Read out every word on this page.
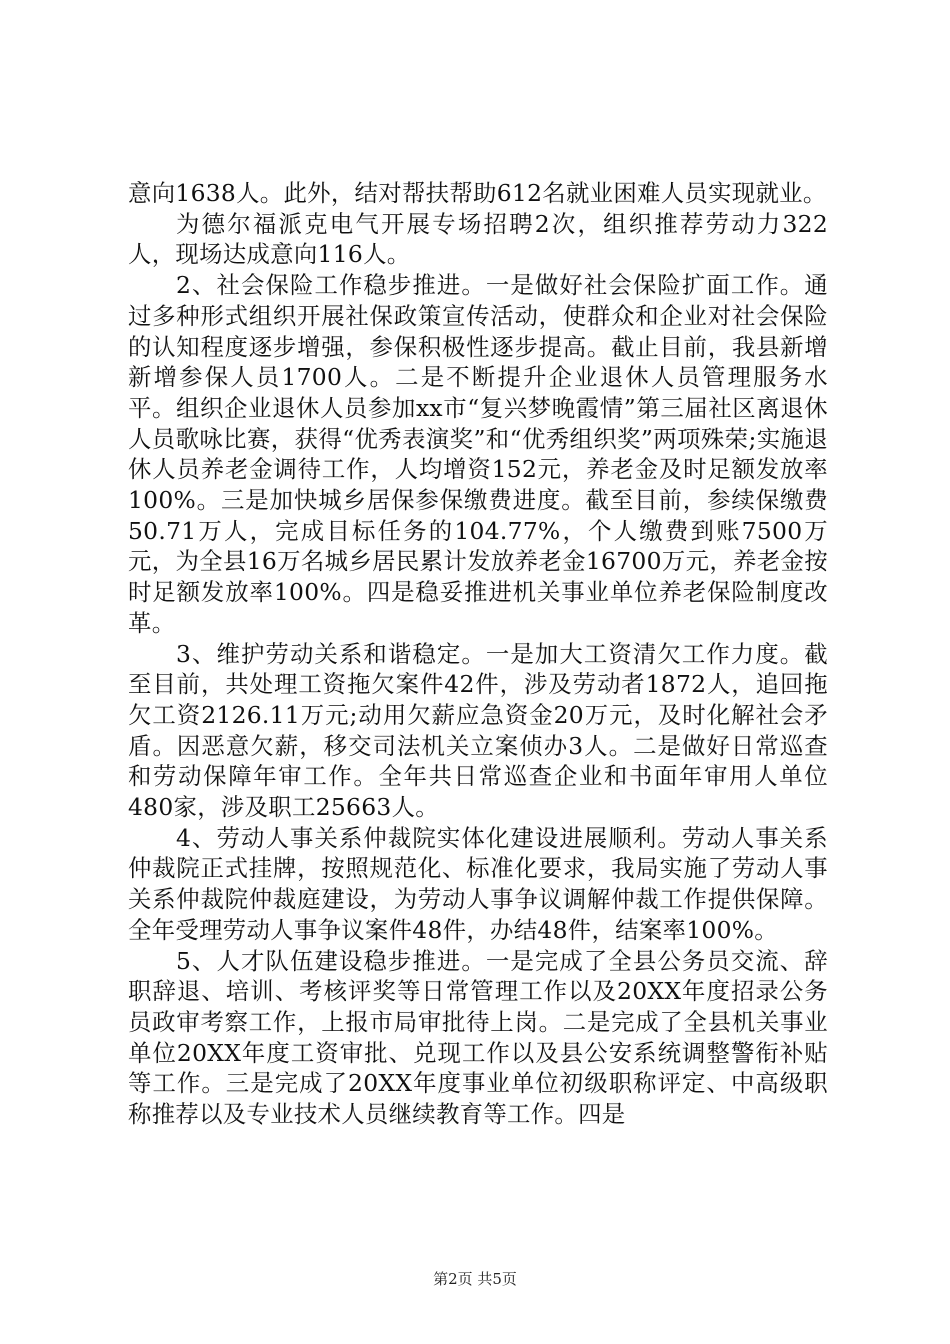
意向1638人。此外，结对帮扶帮助612名就业困难人员实现就业。

为德尔福派克电气开展专场招聘2次，组织推荐劳动力322人，现场达成意向116人。

2、社会保险工作稳步推进。一是做好社会保险扩面工作。通过多种形式组织开展社保政策宣传活动，使群众和企业对社会保险的认知程度逐步增强，参保积极性逐步提高。截止目前，我县新增新增参保人员1700人。二是不断提升企业退休人员管理服务水平。组织企业退休人员参加xx市“复兴梦晚霞情”第三届社区离退休人员歌咏比赛，获得“优秀表演奖”和“优秀组织奖”两项殊荣;实施退休人员养老金调待工作，人均增资152元，养老金及时足额发放率100%。三是加快城乡居保参保缴费进度。截至目前，参续保缴费50.71万人，完成目标任务的104.77%，个人缴费到账7500万元，为全县16万名城乡居民累计发放养老金16700万元，养老金按时足额发放率100%。四是稳妥推进机关事业单位养老保险制度改革。

3、维护劳动关系和谐稳定。一是加大工资清欠工作力度。截至目前，共处理工资拖欠案件42件，涉及劳动者1872人，追回拖欠工资2126.11万元;动用欠薪应急资金20万元，及时化解社会矛盾。因恶意欠薪，移交司法机关立案侦办3人。二是做好日常巡查和劳动保障年审工作。全年共日常巡查企业和书面年审用人单位480家，涉及职工25663人。

4、劳动人事关系仲裁院实体化建设进展顺利。劳动人事关系仲裁院正式挂牌，按照规范化、标准化要求，我局实施了劳动人事关系仲裁院仲裁庭建设，为劳动人事争议调解仲裁工作提供保障。全年受理劳动人事争议案件48件，办结48件，结案率100%。

5、人才队伍建设稳步推进。一是完成了全县公务员交流、辞职辞退、培训、考核评奖等日常管理工作以及20XX年度招录公务员政审考察工作，上报市局审批待上岗。二是完成了全县机关事业单位20XX年度工资审批、兑现工作以及县公安系统调整警衔补贴等工作。三是完成了20XX年度事业单位初级职称评定、中高级职称推荐以及专业技术人员继续教育等工作。四是

第2页 共5页
